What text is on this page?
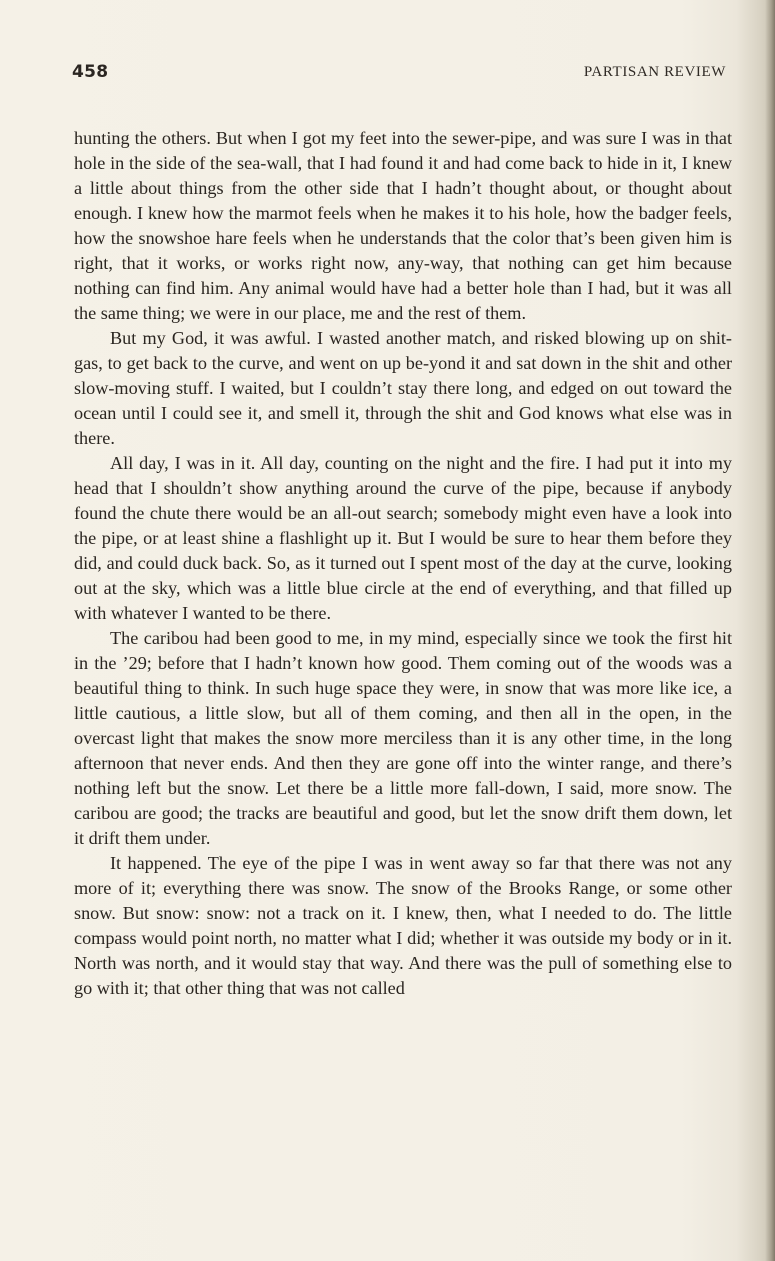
458	PARTISAN REVIEW

hunting the others. But when I got my feet into the sewer-pipe, and was sure I was in that hole in the side of the sea-wall, that I had found it and had come back to hide in it, I knew a little about things from the other side that I hadn’t thought about, or thought about enough. I knew how the marmot feels when he makes it to his hole, how the badger feels, how the snowshoe hare feels when he understands that the color that’s been given him is right, that it works, or works right now, any-way, that nothing can get him because nothing can find him. Any animal would have had a better hole than I had, but it was all the same thing; we were in our place, me and the rest of them.

But my God, it was awful. I wasted another match, and risked blowing up on shit-gas, to get back to the curve, and went on up be-yond it and sat down in the shit and other slow-moving stuff. I waited, but I couldn’t stay there long, and edged on out toward the ocean until I could see it, and smell it, through the shit and God knows what else was in there.

All day, I was in it. All day, counting on the night and the fire. I had put it into my head that I shouldn’t show anything around the curve of the pipe, because if anybody found the chute there would be an all-out search; somebody might even have a look into the pipe, or at least shine a flashlight up it. But I would be sure to hear them before they did, and could duck back. So, as it turned out I spent most of the day at the curve, looking out at the sky, which was a little blue circle at the end of everything, and that filled up with whatever I wanted to be there.

The caribou had been good to me, in my mind, especially since we took the first hit in the ’29; before that I hadn’t known how good. Them coming out of the woods was a beautiful thing to think. In such huge space they were, in snow that was more like ice, a little cautious, a little slow, but all of them coming, and then all in the open, in the overcast light that makes the snow more merciless than it is any other time, in the long afternoon that never ends. And then they are gone off into the winter range, and there’s nothing left but the snow. Let there be a little more fall-down, I said, more snow. The caribou are good; the tracks are beautiful and good, but let the snow drift them down, let it drift them under.

It happened. The eye of the pipe I was in went away so far that there was not any more of it; everything there was snow. The snow of the Brooks Range, or some other snow. But snow: snow: not a track on it. I knew, then, what I needed to do. The little compass would point north, no matter what I did; whether it was outside my body or in it. North was north, and it would stay that way. And there was the pull of something else to go with it; that other thing that was not called
